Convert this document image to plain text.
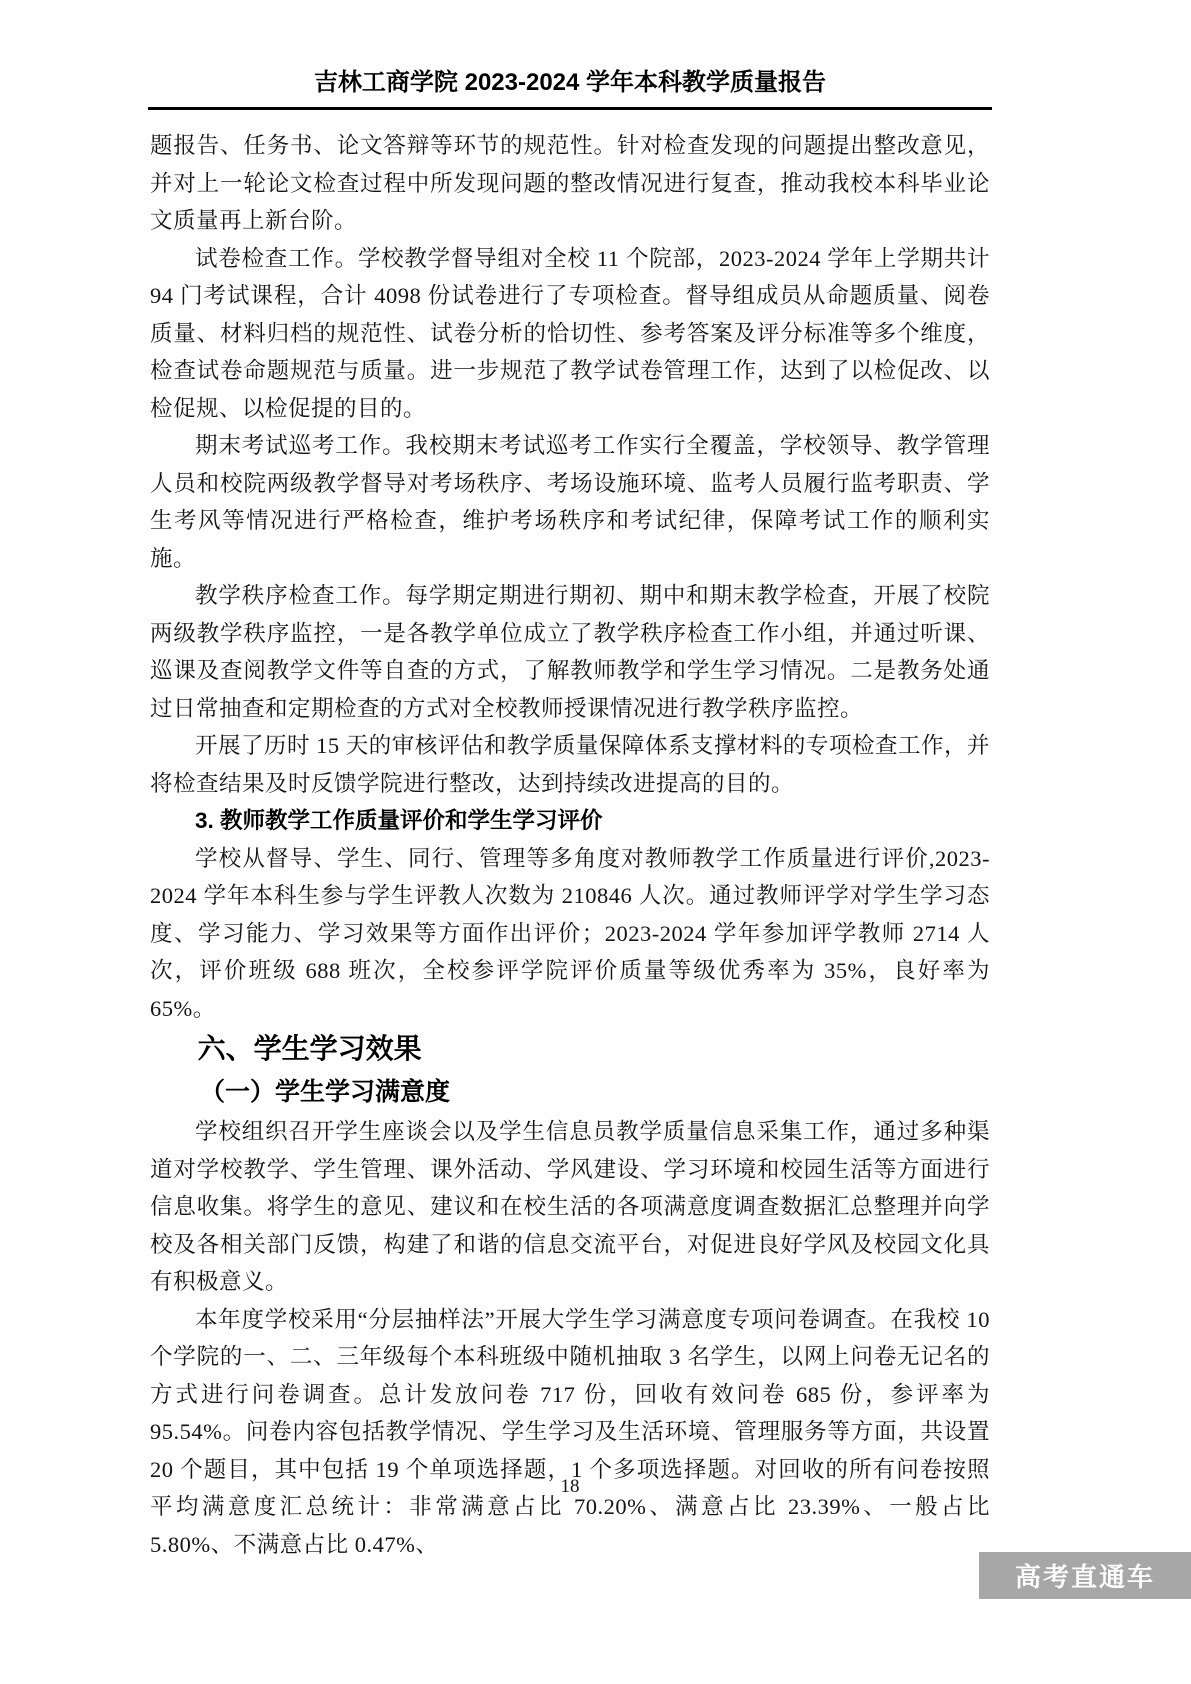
吉林工商学院 2023-2024 学年本科教学质量报告

题报告、任务书、论文答辩等环节的规范性。针对检查发现的问题提出整改意见，并对上一轮论文检查过程中所发现问题的整改情况进行复查，推动我校本科毕业论文质量再上新台阶。

试卷检查工作。学校教学督导组对全校 11 个院部，2023-2024 学年上学期共计 94 门考试课程，合计 4098 份试卷进行了专项检查。督导组成员从命题质量、阅卷质量、材料归档的规范性、试卷分析的恰切性、参考答案及评分标准等多个维度，检查试卷命题规范与质量。进一步规范了教学试卷管理工作，达到了以检促改、以检促规、以检促提的目的。

期末考试巡考工作。我校期末考试巡考工作实行全覆盖，学校领导、教学管理人员和校院两级教学督导对考场秩序、考场设施环境、监考人员履行监考职责、学生考风等情况进行严格检查，维护考场秩序和考试纪律，保障考试工作的顺利实施。

教学秩序检查工作。每学期定期进行期初、期中和期末教学检查，开展了校院两级教学秩序监控，一是各教学单位成立了教学秩序检查工作小组，并通过听课、巡课及查阅教学文件等自查的方式，了解教师教学和学生学习情况。二是教务处通过日常抽查和定期检查的方式对全校教师授课情况进行教学秩序监控。

开展了历时 15 天的审核评估和教学质量保障体系支撑材料的专项检查工作，并将检查结果及时反馈学院进行整改，达到持续改进提高的目的。

3. 教师教学工作质量评价和学生学习评价

学校从督导、学生、同行、管理等多角度对教师教学工作质量进行评价,2023-2024 学年本科生参与学生评教人次数为 210846 人次。通过教师评学对学生学习态度、学习能力、学习效果等方面作出评价；2023-2024 学年参加评学教师 2714 人次，评价班级 688 班次，全校参评学院评价质量等级优秀率为 35%，良好率为 65%。

六、学生学习效果

（一）学生学习满意度

学校组织召开学生座谈会以及学生信息员教学质量信息采集工作，通过多种渠道对学校教学、学生管理、课外活动、学风建设、学习环境和校园生活等方面进行信息收集。将学生的意见、建议和在校生活的各项满意度调查数据汇总整理并向学校及各相关部门反馈，构建了和谐的信息交流平台，对促进良好学风及校园文化具有积极意义。

本年度学校采用“分层抽样法”开展大学生学习满意度专项问卷调查。在我校 10 个学院的一、二、三年级每个本科班级中随机抽取 3 名学生，以网上问卷无记名的方式进行问卷调查。总计发放问卷 717 份，回收有效问卷 685 份，参评率为 95.54%。问卷内容包括教学情况、学生学习及生活环境、管理服务等方面，共设置 20 个题目，其中包括 19 个单项选择题，1 个多项选择题。对回收的所有问卷按照平均满意度汇总统计：非常满意占比 70.20%、满意占比 23.39%、一般占比 5.80%、不满意占比 0.47%、

18
高考直通车
